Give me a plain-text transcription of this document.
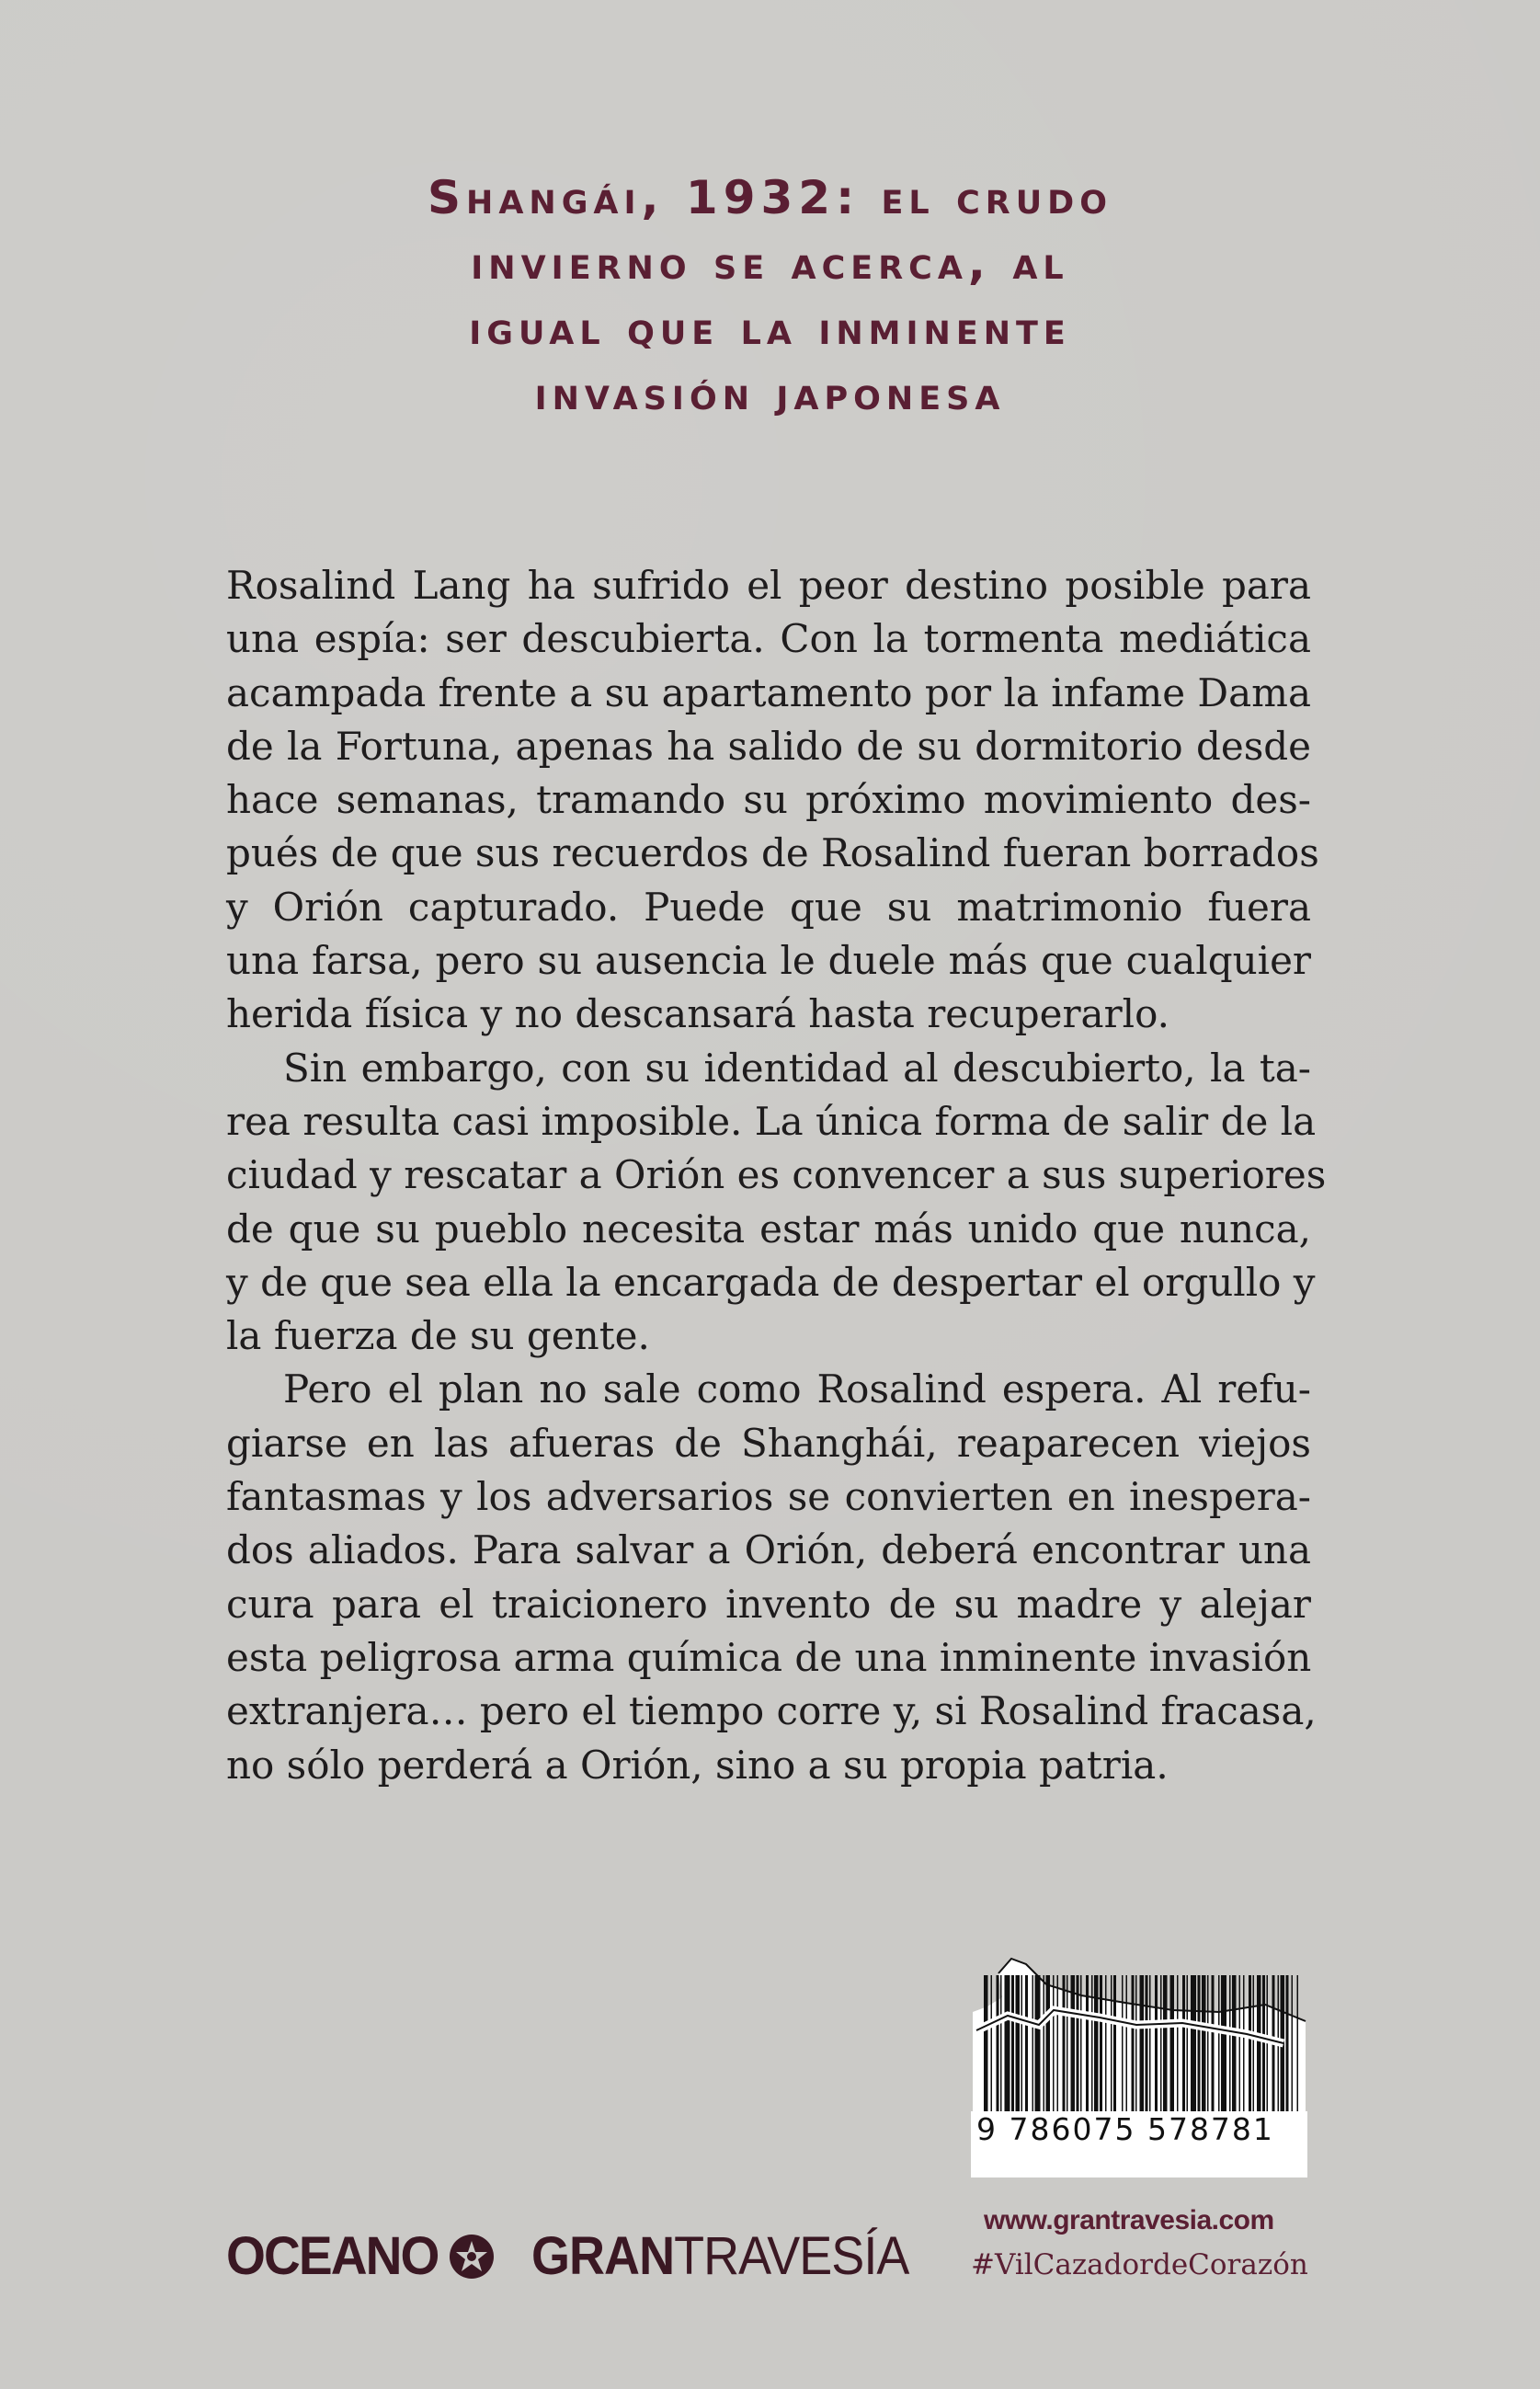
Shangái, 1932: el crudo
invierno se acerca, al
igual que la inminente
invasión japonesa
Rosalind Lang ha sufrido el peor destino posible para
una espía: ser descubierta. Con la tormenta mediática
acampada frente a su apartamento por la infame Dama
de la Fortuna, apenas ha salido de su dormitorio desde
hace semanas, tramando su próximo movimiento des-
pués de que sus recuerdos de Rosalind fueran borrados
y Orión capturado. Puede que su matrimonio fuera
una farsa, pero su ausencia le duele más que cualquier
herida física y no descansará hasta recuperarlo.
Sin embargo, con su identidad al descubierto, la ta-
rea resulta casi imposible. La única forma de salir de la
ciudad y rescatar a Orión es convencer a sus superiores
de que su pueblo necesita estar más unido que nunca,
y de que sea ella la encargada de despertar el orgullo y
la fuerza de su gente.
Pero el plan no sale como Rosalind espera. Al refu-
giarse en las afueras de Shanghái, reaparecen viejos
fantasmas y los adversarios se convierten en inespera-
dos aliados. Para salvar a Orión, deberá encontrar una
cura para el traicionero invento de su madre y alejar
esta peligrosa arma química de una inminente invasión
extranjera… pero el tiempo corre y, si Rosalind fracasa,
no sólo perderá a Orión, sino a su propia patria.
9 786075 578781
www.grantravesia.com
#VilCazadordeCorazón
OCEANO GRANTRAVESÍA
